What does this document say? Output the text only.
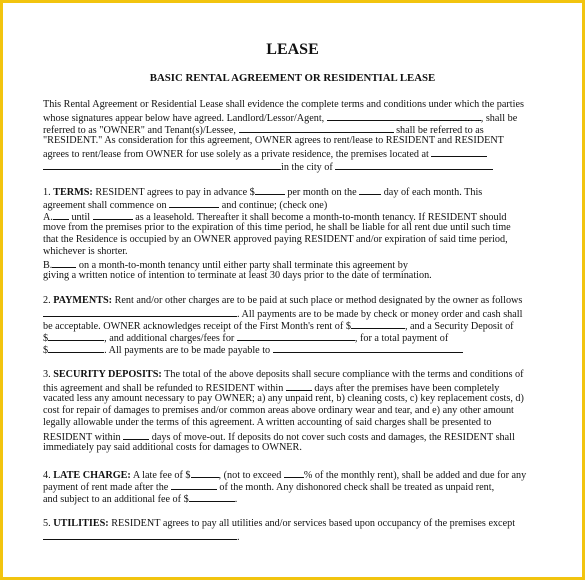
LEASE
BASIC RENTAL AGREEMENT OR RESIDENTIAL LEASE
This Rental Agreement or Residential Lease shall evidence the complete terms and conditions under which the parties
whose signatures appear below have agreed. Landlord/Lessor/Agent,	, shall be
referred to as "OWNER" and Tenant(s)/Lessee,	shall be referred to as
"RESIDENT." As consideration for this agreement, OWNER agrees to rent/lease to RESIDENT and RESIDENT
agrees to rent/lease from OWNER for use solely as a private residence, the premises located at
in the city of
1. TERMS: RESIDENT agrees to pay in advance $	per month on the	day of each month. This
agreement shall commence on	and continue; (check one)
A. until	as a leasehold. Thereafter it shall become a month-to-month tenancy. If RESIDENT should
move from the premises prior to the expiration of this time period, he shall be liable for all rent due until such time
that the Residence is occupied by an OWNER approved paying RESIDENT and/or expiration of said time period,
whichever is shorter.
B.	on a month-to-month tenancy until either party shall terminate this agreement by
giving a written notice of intention to terminate at least 30 days prior to the date of termination.
2. PAYMENTS: Rent and/or other charges are to be paid at such place or method designated by the owner as follows
. All payments are to be made by check or money order and cash shall
be acceptable. OWNER acknowledges receipt of the First Month's rent of $	, and a Security Deposit of
$	, and additional charges/fees for	, for a total payment of
$	. All payments are to be made payable to
3. SECURITY DEPOSITS: The total of the above deposits shall secure compliance with the terms and conditions of
this agreement and shall be refunded to RESIDENT within	days after the premises have been completely
vacated less any amount necessary to pay OWNER; a) any unpaid rent, b) cleaning costs, c) key replacement costs, d)
cost for repair of damages to premises and/or common areas above ordinary wear and tear, and e) any other amount
legally allowable under the terms of this agreement. A written accounting of said charges shall be presented to
RESIDENT within	days of move-out. If deposits do not cover such costs and damages, the RESIDENT shall
immediately pay said additional costs for damages to OWNER.
4. LATE CHARGE: A late fee of $	, (not to exceed % of the monthly rent), shall be added and due for any
payment of rent made after the	of the month. Any dishonored check shall be treated as unpaid rent,
and subject to an additional fee of $	.
5. UTILITIES: RESIDENT agrees to pay all utilities and/or services based upon occupancy of the premises except
.
